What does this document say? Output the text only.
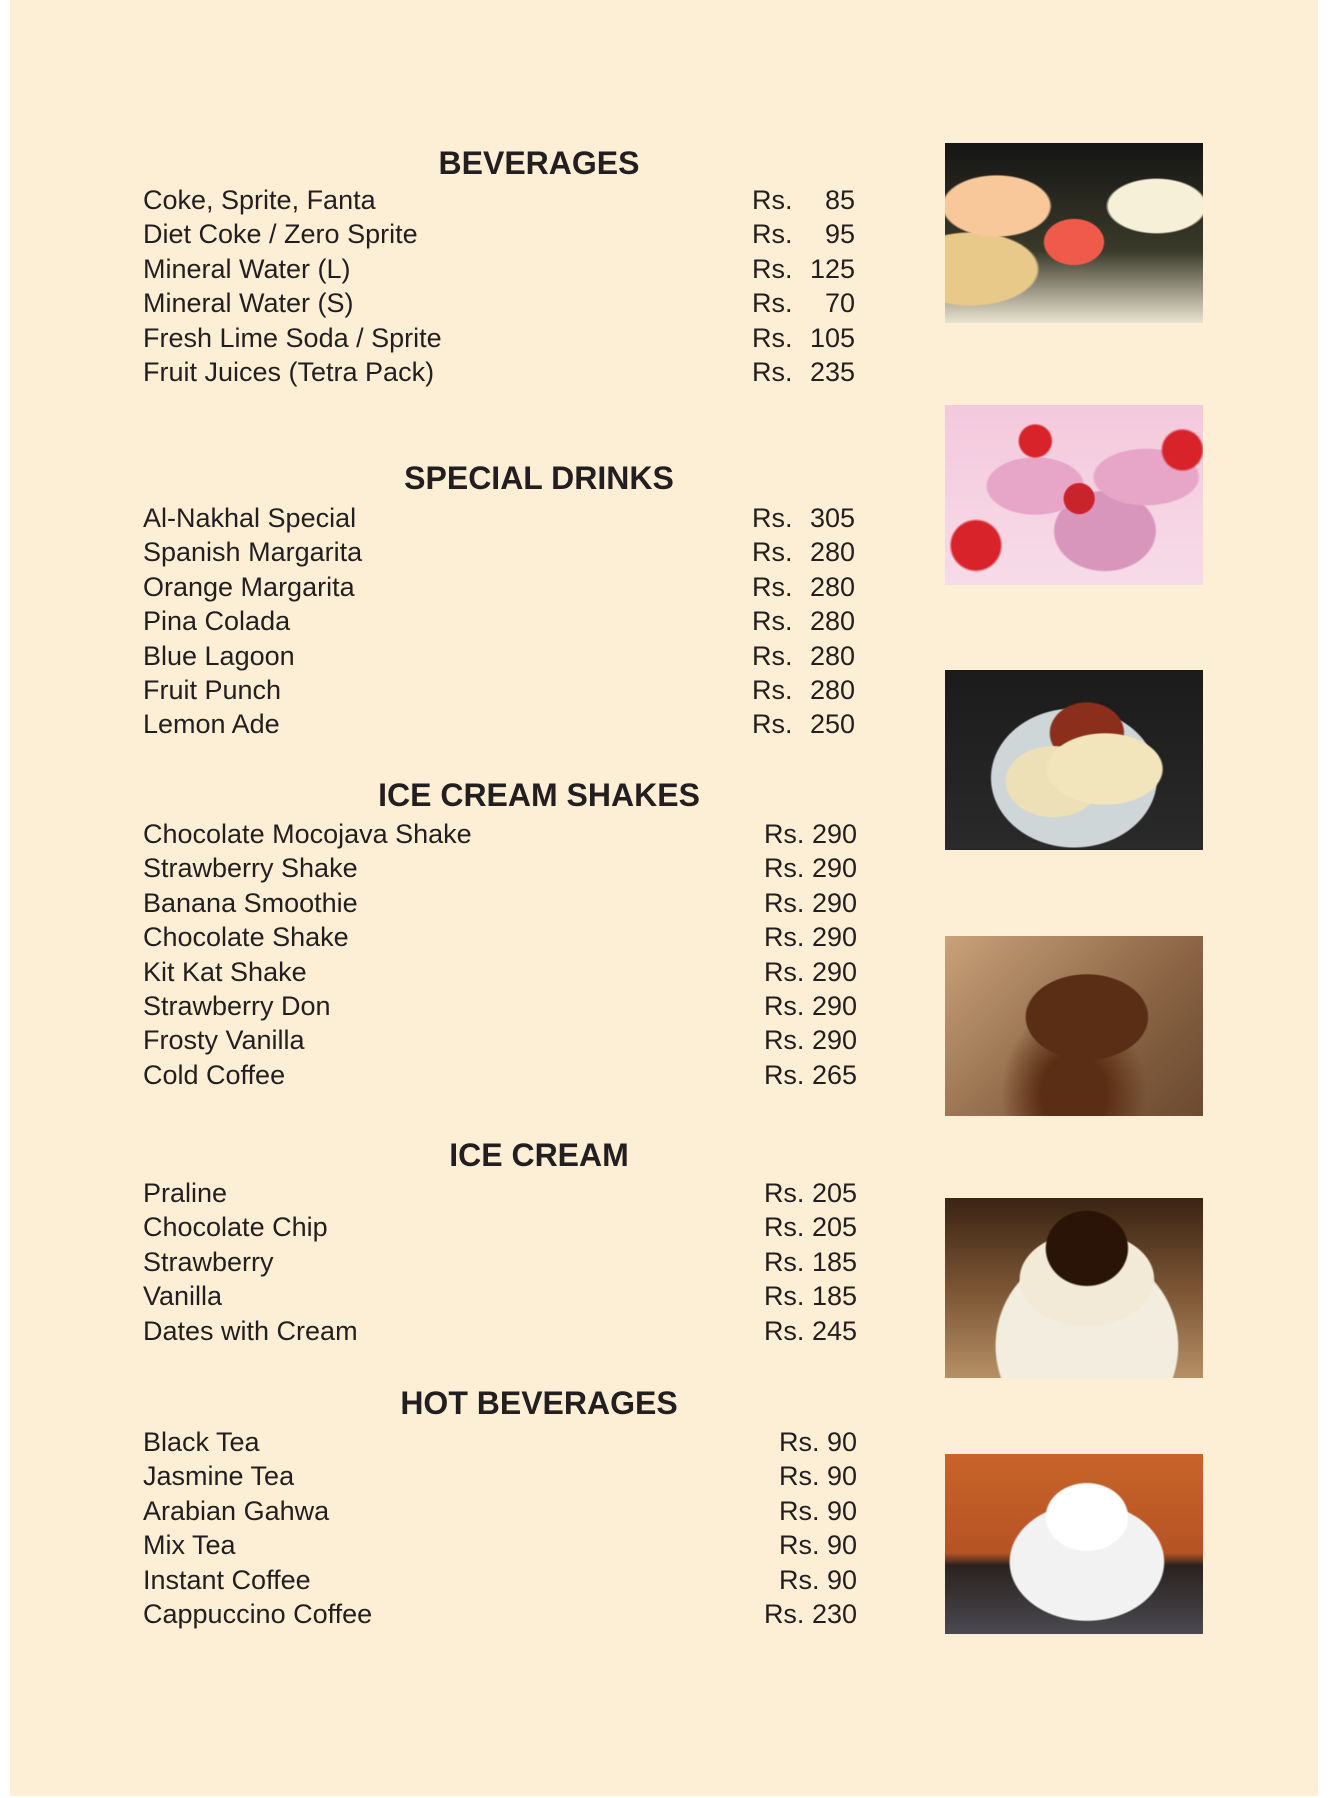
BEVERAGES
Coke, Sprite, Fanta	Rs. 85
Diet Coke / Zero Sprite	Rs. 95
Mineral Water (L)	Rs. 125
Mineral Water (S)	Rs. 70
Fresh Lime Soda / Sprite	Rs. 105
Fruit Juices (Tetra Pack)	Rs. 235
SPECIAL DRINKS
Al-Nakhal Special	Rs. 305
Spanish Margarita	Rs. 280
Orange Margarita	Rs. 280
Pina Colada	Rs. 280
Blue Lagoon	Rs. 280
Fruit Punch	Rs. 280
Lemon Ade	Rs. 250
ICE CREAM SHAKES
Chocolate Mocojava Shake	Rs. 290
Strawberry Shake	Rs. 290
Banana Smoothie	Rs. 290
Chocolate Shake	Rs. 290
Kit Kat Shake	Rs. 290
Strawberry Don	Rs. 290
Frosty Vanilla	Rs. 290
Cold Coffee	Rs. 265
ICE CREAM
Praline	Rs. 205
Chocolate Chip	Rs. 205
Strawberry	Rs. 185
Vanilla	Rs. 185
Dates with Cream	Rs. 245
HOT BEVERAGES
Black Tea	Rs. 90
Jasmine Tea	Rs. 90
Arabian Gahwa	Rs. 90
Mix Tea	Rs. 90
Instant Coffee	Rs. 90
Cappuccino Coffee	Rs. 230
